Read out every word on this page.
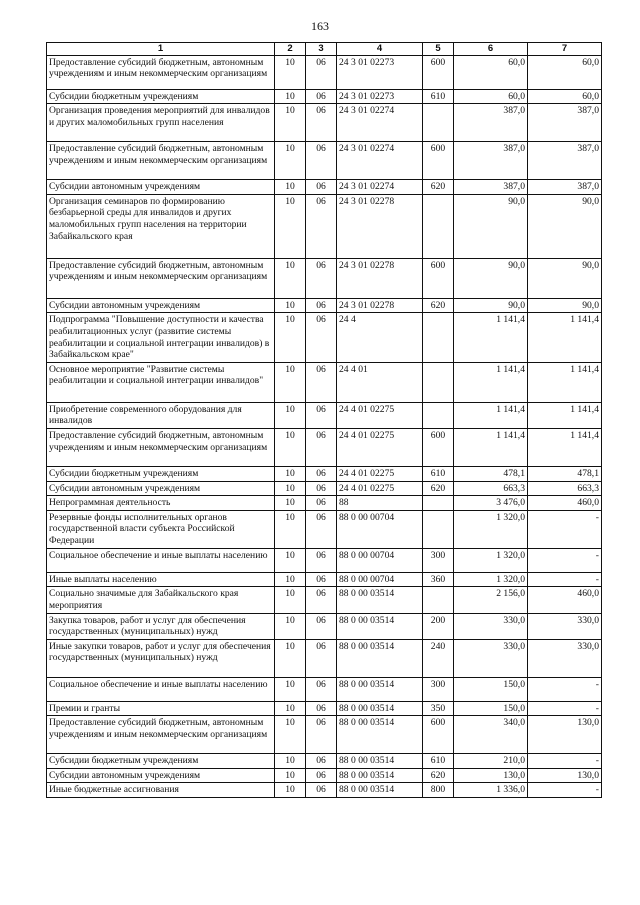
163
1	2	3	4	5	6	7
Предоставление субсидий бюджетным, автономным учреждениям и иным некоммерческим организациям	10	06	24 3 01 02273	600	60,0	60,0
Субсидии бюджетным учреждениям	10	06	24 3 01 02273	610	60,0	60,0
Организация проведения мероприятий для инвалидов и других маломобильных групп населения	10	06	24 3 01 02274		387,0	387,0
Предоставление субсидий бюджетным, автономным учреждениям и иным некоммерческим организациям	10	06	24 3 01 02274	600	387,0	387,0
Субсидии автономным учреждениям	10	06	24 3 01 02274	620	387,0	387,0
Организация семинаров по формированию безбарьерной среды для инвалидов и других маломобильных групп населения на территории Забайкальского края	10	06	24 3 01 02278		90,0	90,0
Предоставление субсидий бюджетным, автономным учреждениям и иным некоммерческим организациям	10	06	24 3 01 02278	600	90,0	90,0
Субсидии автономным учреждениям	10	06	24 3 01 02278	620	90,0	90,0
Подпрограмма "Повышение доступности и качества реабилитационных услуг (развитие системы реабилитации и социальной интеграции инвалидов) в Забайкальском крае"	10	06	24 4		1 141,4	1 141,4
Основное мероприятие "Развитие системы реабилитации и социальной интеграции инвалидов"	10	06	24 4 01		1 141,4	1 141,4
Приобретение современного оборудования для инвалидов	10	06	24 4 01 02275		1 141,4	1 141,4
Предоставление субсидий бюджетным, автономным учреждениям и иным некоммерческим организациям	10	06	24 4 01 02275	600	1 141,4	1 141,4
Субсидии бюджетным учреждениям	10	06	24 4 01 02275	610	478,1	478,1
Субсидии автономным учреждениям	10	06	24 4 01 02275	620	663,3	663,3
Непрограммная деятельность	10	06	88		3 476,0	460,0
Резервные фонды исполнительных органов государственной власти субъекта Российской Федерации	10	06	88 0 00 00704		1 320,0	-
Социальное обеспечение и иные выплаты населению	10	06	88 0 00 00704	300	1 320,0	-
Иные выплаты населению	10	06	88 0 00 00704	360	1 320,0	-
Социально значимые для Забайкальского края мероприятия	10	06	88 0 00 03514		2 156,0	460,0
Закупка товаров, работ и услуг для обеспечения государственных (муниципальных) нужд	10	06	88 0 00 03514	200	330,0	330,0
Иные закупки товаров, работ и услуг для обеспечения государственных (муниципальных) нужд	10	06	88 0 00 03514	240	330,0	330,0
Социальное обеспечение и иные выплаты населению	10	06	88 0 00 03514	300	150,0	-
Премии и гранты	10	06	88 0 00 03514	350	150,0	-
Предоставление субсидий бюджетным, автономным учреждениям и иным некоммерческим организациям	10	06	88 0 00 03514	600	340,0	130,0
Субсидии бюджетным учреждениям	10	06	88 0 00 03514	610	210,0	-
Субсидии автономным учреждениям	10	06	88 0 00 03514	620	130,0	130,0
Иные бюджетные ассигнования	10	06	88 0 00 03514	800	1 336,0	-
